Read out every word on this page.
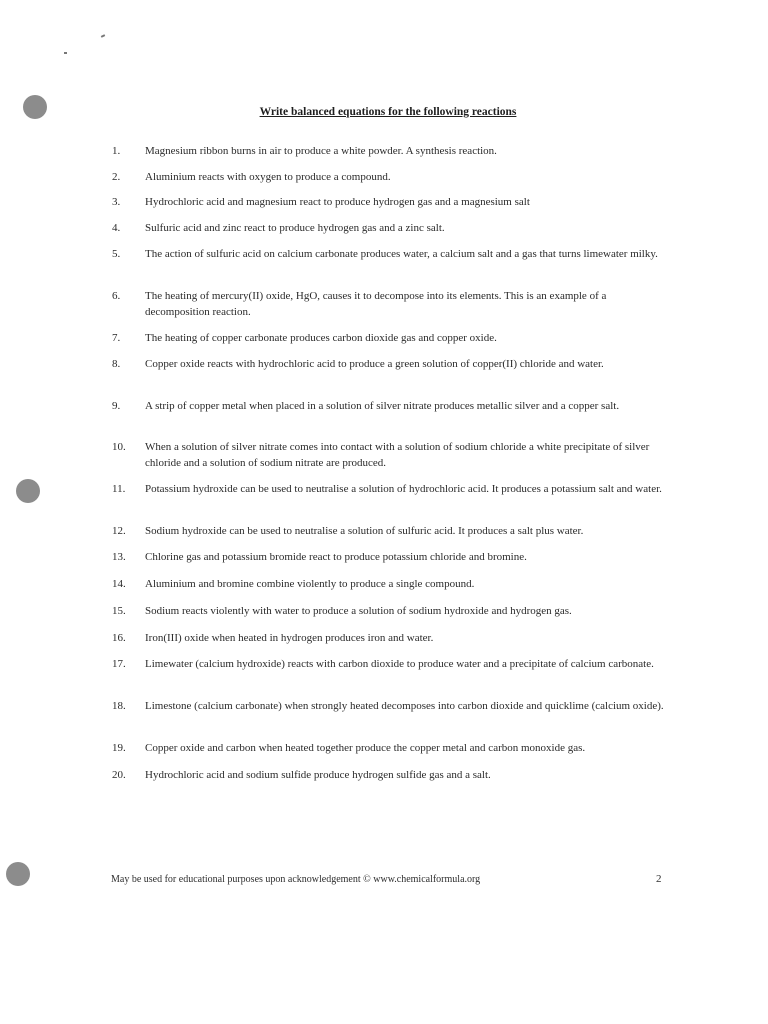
Write balanced equations for the following reactions
1.	Magnesium ribbon burns in air to produce a white powder. A synthesis reaction.
2.	Aluminium reacts with oxygen to produce a compound.
3.	Hydrochloric acid and magnesium react to produce hydrogen gas and a magnesium salt
4.	Sulfuric acid and zinc react to produce hydrogen gas and a zinc salt.
5.	The action of sulfuric acid on calcium carbonate produces water, a calcium salt and a gas that turns limewater milky.
6.	The heating of mercury(II) oxide, HgO, causes it to decompose into its elements. This is an example of a decomposition reaction.
7.	The heating of copper carbonate produces carbon dioxide gas and copper oxide.
8.	Copper oxide reacts with hydrochloric acid to produce a green solution of copper(II) chloride and water.
9.	A strip of copper metal when placed in a solution of silver nitrate produces metallic silver and a copper salt.
10.	When a solution of silver nitrate comes into contact with a solution of sodium chloride a white precipitate of silver chloride and a solution of sodium nitrate are produced.
11.	Potassium hydroxide can be used to neutralise a solution of hydrochloric acid. It produces a potassium salt and water.
12.	Sodium hydroxide can be used to neutralise a solution of sulfuric acid. It produces a salt plus water.
13.	Chlorine gas and potassium bromide react to produce potassium chloride and bromine.
14.	Aluminium and bromine combine violently to produce a single compound.
15.	Sodium reacts violently with water to produce a solution of sodium hydroxide and hydrogen gas.
16.	Iron(III) oxide when heated in hydrogen produces iron and water.
17.	Limewater (calcium hydroxide) reacts with carbon dioxide to produce water and a precipitate of calcium carbonate.
18.	Limestone (calcium carbonate) when strongly heated decomposes into carbon dioxide and quicklime (calcium oxide).
19.	Copper oxide and carbon when heated together produce the copper metal and carbon monoxide gas.
20.	Hydrochloric acid and sodium sulfide produce hydrogen sulfide gas and a salt.
May be used for educational purposes upon acknowledgement © www.chemicalformula.org	2
